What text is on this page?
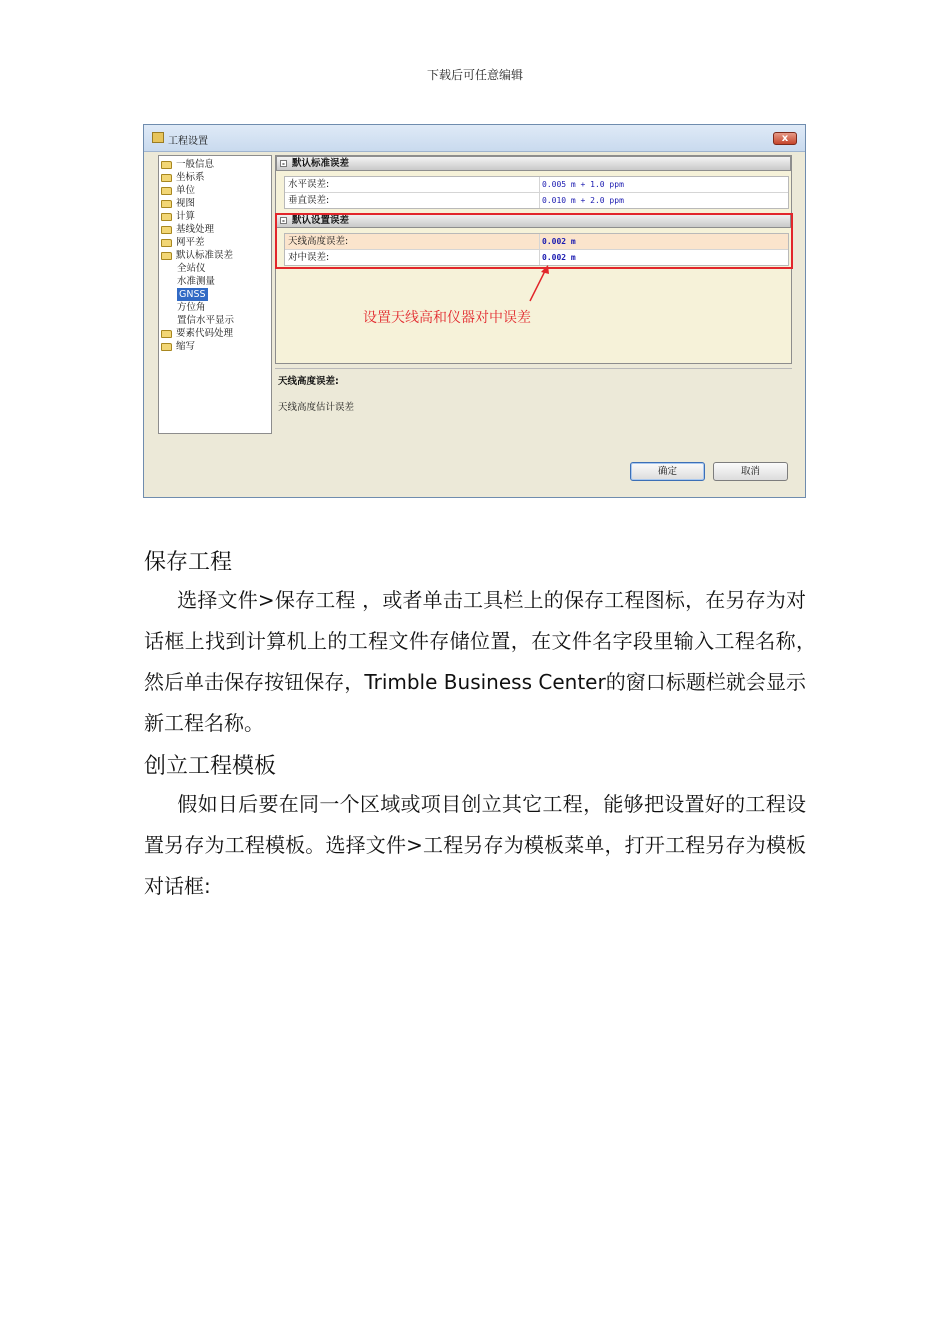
下载后可任意编辑
工程设置	x
一般信息
坐标系
单位
视图
计算
基线处理
网平差
默认标准误差
全站仪
水准测量
GNSS
方位角
置信水平显示
要素代码处理
缩写
- 默认标准误差
水平误差:	0.005 m + 1.0 ppm
垂直误差:	0.010 m + 2.0 ppm
- 默认设置误差
天线高度误差:	0.002 m
对中误差:	0.002 m
设置天线高和仪器对中误差
天线高度误差:
天线高度估计误差
确定	取消
保存工程
选择文件>保存工程 ，或者单击工具栏上的保存工程图标，在另存为对话框上找到计算机上的工程文件存储位置，在文件名字段里输入工程名称，　然后单击保存按钮保存，Trimble Business Center的窗口标题栏就会显示新工程名称。
创立工程模板
假如日后要在同一个区域或项目创立其它工程，能够把设置好的工程设置另存为工程模板。选择文件>工程另存为模板菜单，打开工程另存为模板对话框:
